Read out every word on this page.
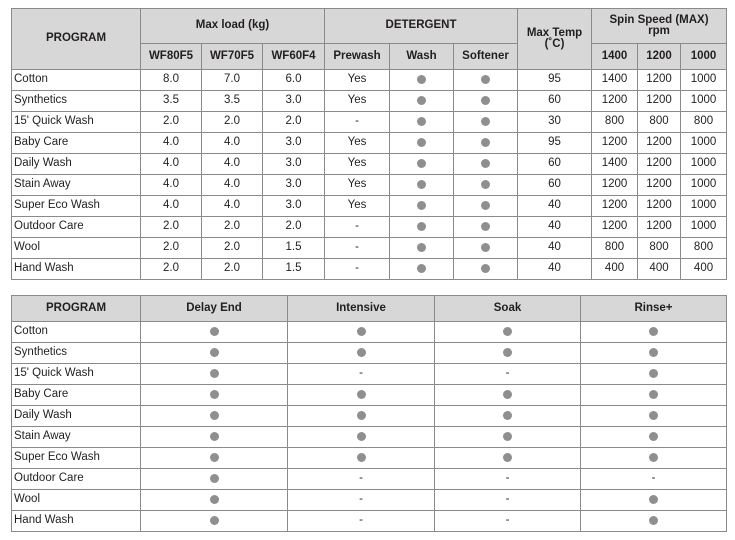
PROGRAM	Max load (kg)			DETERGENT			Max Temp
(˚C)	Spin Speed (MAX)
rpm		
	WF80F5	WF70F5	WF60F4	Prewash	Wash	Softener		1400	1200	1000
Cotton	8.0	7.0	6.0	Yes			95	1400	1200	1000
Synthetics	3.5	3.5	3.0	Yes			60	1200	1200	1000
15' Quick Wash	2.0	2.0	2.0	-			30	800	800	800
Baby Care	4.0	4.0	3.0	Yes			95	1200	1200	1000
Daily Wash	4.0	4.0	3.0	Yes			60	1400	1200	1000
Stain Away	4.0	4.0	3.0	Yes			60	1200	1200	1000
Super Eco Wash	4.0	4.0	3.0	Yes			40	1200	1200	1000
Outdoor Care	2.0	2.0	2.0	-			40	1200	1200	1000
Wool	2.0	2.0	1.5	-			40	800	800	800
Hand Wash	2.0	2.0	1.5	-			40	400	400	400
PROGRAM	Delay End	Intensive	Soak	Rinse+
Cotton				
Synthetics				
15' Quick Wash		-	-	
Baby Care				
Daily Wash				
Stain Away				
Super Eco Wash				
Outdoor Care		-	-	-
Wool		-	-	
Hand Wash		-	-	
